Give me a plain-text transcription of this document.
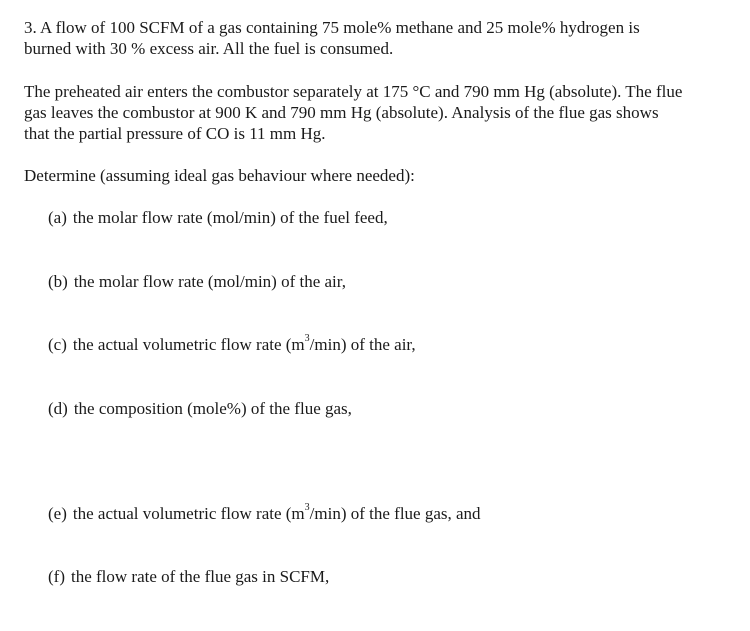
3. A flow of 100 SCFM of a gas containing 75 mole% methane and 25 mole% hydrogen is
burned with 30 % excess air. All the fuel is consumed.
The preheated air enters the combustor separately at 175 °C and 790 mm Hg (absolute). The flue
gas leaves the combustor at 900 K and 790 mm Hg (absolute). Analysis of the flue gas shows
that the partial pressure of CO is 11 mm Hg.
Determine (assuming ideal gas behaviour where needed):
(a) the molar flow rate (mol/min) of the fuel feed,
(b) the molar flow rate (mol/min) of the air,
(c) the actual volumetric flow rate $(m^3/\min)$ of the air,
(d) the composition (mole%) of the flue gas,
(e) the actual volumetric flow rate $(m^3/\min)$ of the flue gas, and
(f) the flow rate of the flue gas in SCFM,
